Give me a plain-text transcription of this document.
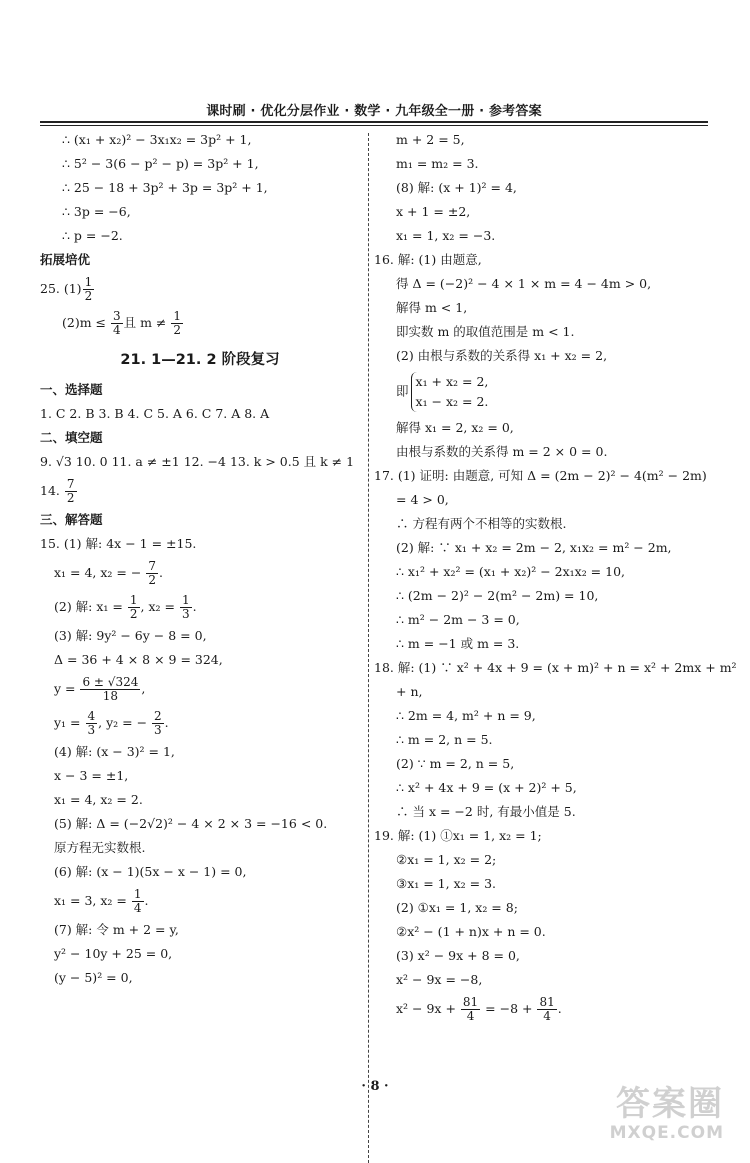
课时刷 · 优化分层作业 · 数学 · 九年级全一册 · 参考答案
∴ (x₁ + x₂)² − 3x₁x₂ = 3p² + 1,
∴ 5² − 3(6 − p² − p) = 3p² + 1,
∴ 25 − 18 + 3p² + 3p = 3p² + 1,
∴ 3p = −6,
∴ p = −2.
拓展培优
25. $(1) \frac{1}{2}$
$(2)m \le \frac{3}{4}$ 且 $m \ne \frac{1}{2}$
21. 1—21. 2 阶段复习
一、选择题
1. C 2. B 3. B 4. C 5. A 6. C 7. A 8. A
二、填空题
9. √3 10. 0 11. a ≠ ±1 12. −4 13. k > 0.5 且 k ≠ 1
14. $\frac{7}{2}$
三、解答题
15. (1) 解: 4x − 1 = ±15.
x₁ = 4, x₂ = − $\frac{7}{2}$ .
(2) 解: $x_1 = \frac{1}{2}$ , $x_2 = \frac{1}{3}$ .
(3) 解: 9y² − 6y − 8 = 0,
Δ = 36 + 4 × 8 × 9 = 324,
$y = \frac{6 \pm √324}{18}$ ,
$y_1 = \frac{4}{3}$ , y₂ = − $\frac{2}{3}$ .
(4) 解: (x − 3)² = 1,
x − 3 = ±1,
x₁ = 4, x₂ = 2.
(5) 解: Δ = (−2√2)² − 4 × 2 × 3 = −16 < 0.
原方程无实数根.
(6) 解: (x − 1)(5x − x − 1) = 0,
x₁ = 3, $x_2 = \frac{1}{4}$ .
(7) 解: 令 m + 2 = y,
y² − 10y + 25 = 0,
(y − 5)² = 0,
m + 2 = 5,
m₁ = m₂ = 3.
(8) 解: (x + 1)² = 4,
x + 1 = ±2,
x₁ = 1, x₂ = −3.
16. 解: (1) 由题意,
得 Δ = (−2)² − 4 × 1 × m = 4 − 4m > 0,
解得 m < 1,
即实数 m 的取值范围是 m < 1.
(2) 由根与系数的关系得 x₁ + x₂ = 2,
即
x₁ + x₂ = 2,
x₁ − x₂ = 2.
解得 x₁ = 2, x₂ = 0,
由根与系数的关系得 m = 2 × 0 = 0.
17. (1) 证明: 由题意, 可知 Δ = (2m − 2)² − 4(m² − 2m)
= 4 > 0,
∴ 方程有两个不相等的实数根.
(2) 解: ∵ x₁ + x₂ = 2m − 2, x₁x₂ = m² − 2m,
∴ x₁² + x₂² = (x₁ + x₂)² − 2x₁x₂ = 10,
∴ (2m − 2)² − 2(m² − 2m) = 10,
∴ m² − 2m − 3 = 0,
∴ m = −1 或 m = 3.
18. 解: (1) ∵ x² + 4x + 9 = (x + m)² + n = x² + 2mx + m²
+ n,
∴ 2m = 4, m² + n = 9,
∴ m = 2, n = 5.
(2) ∵ m = 2, n = 5,
∴ x² + 4x + 9 = (x + 2)² + 5,
∴ 当 x = −2 时, 有最小值是 5.
19. 解: (1) ①x₁ = 1, x₂ = 1;
②x₁ = 1, x₂ = 2;
③x₁ = 1, x₂ = 3.
(2) ①x₁ = 1, x₂ = 8;
②x² − (1 + n)x + n = 0.
(3) x² − 9x + 8 = 0,
x² − 9x = −8,
$x^2 - 9x + \frac{81}{4} = -8 + \frac{81}{4}$ .
· 8 ·	答案圈
MXQE.COM
